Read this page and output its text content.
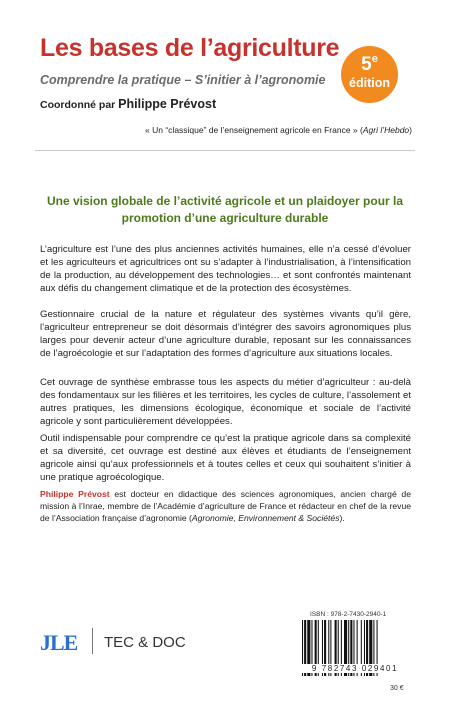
Les bases de l’agriculture
Comprendre la pratique – S’initier à l’agronomie
Coordonné par Philippe Prévost
5e
édition
« Un “classique” de l’enseignement agricole en France » (Agri l’Hebdo)
Une vision globale de l’activité agricole et un plaidoyer pour la promotion d’une agriculture durable

L’agriculture est l’une des plus anciennes activités humaines, elle n’a cessé d’évoluer et les agriculteurs et agricultrices ont su s’adapter à l’industrialisation, à l’intensification de la production, au développement des technologies… et sont confrontés maintenant aux défis du changement climatique et de la protection des écosystèmes.

Gestionnaire crucial de la nature et régulateur des systèmes vivants qu’il gère, l’agriculteur entrepreneur se doit désormais d’intégrer des savoirs agronomiques plus larges pour devenir acteur d’une agriculture durable, reposant sur les connaissances de l’agroécologie et sur l’adaptation des formes d’agriculture aux situations locales.

Cet ouvrage de synthèse embrasse tous les aspects du métier d’agriculteur : au-delà des fondamentaux sur les filières et les territoires, les cycles de culture, l’assolement et autres pratiques, les dimensions écologique, économique et sociale de l’activité agricole y sont particulièrement développées.

Outil indispensable pour comprendre ce qu’est la pratique agricole dans sa complexité et sa diversité, cet ouvrage est destiné aux élèves et étudiants de l’enseignement agricole ainsi qu’aux professionnels et à toutes celles et ceux qui souhaitent s’initier à une pratique agroécologique.

Philippe Prévost est docteur en didactique des sciences agronomiques, ancien chargé de mission à l’Inrae, membre de l’Académie d’agriculture de France et rédacteur en chef de la revue de l’Association française d’agronomie (Agronomie, Environnement & Sociétés).
JLE TEC & DOC
ISBN : 978-2-7430-2940-1
9 782743 029401
30 €
